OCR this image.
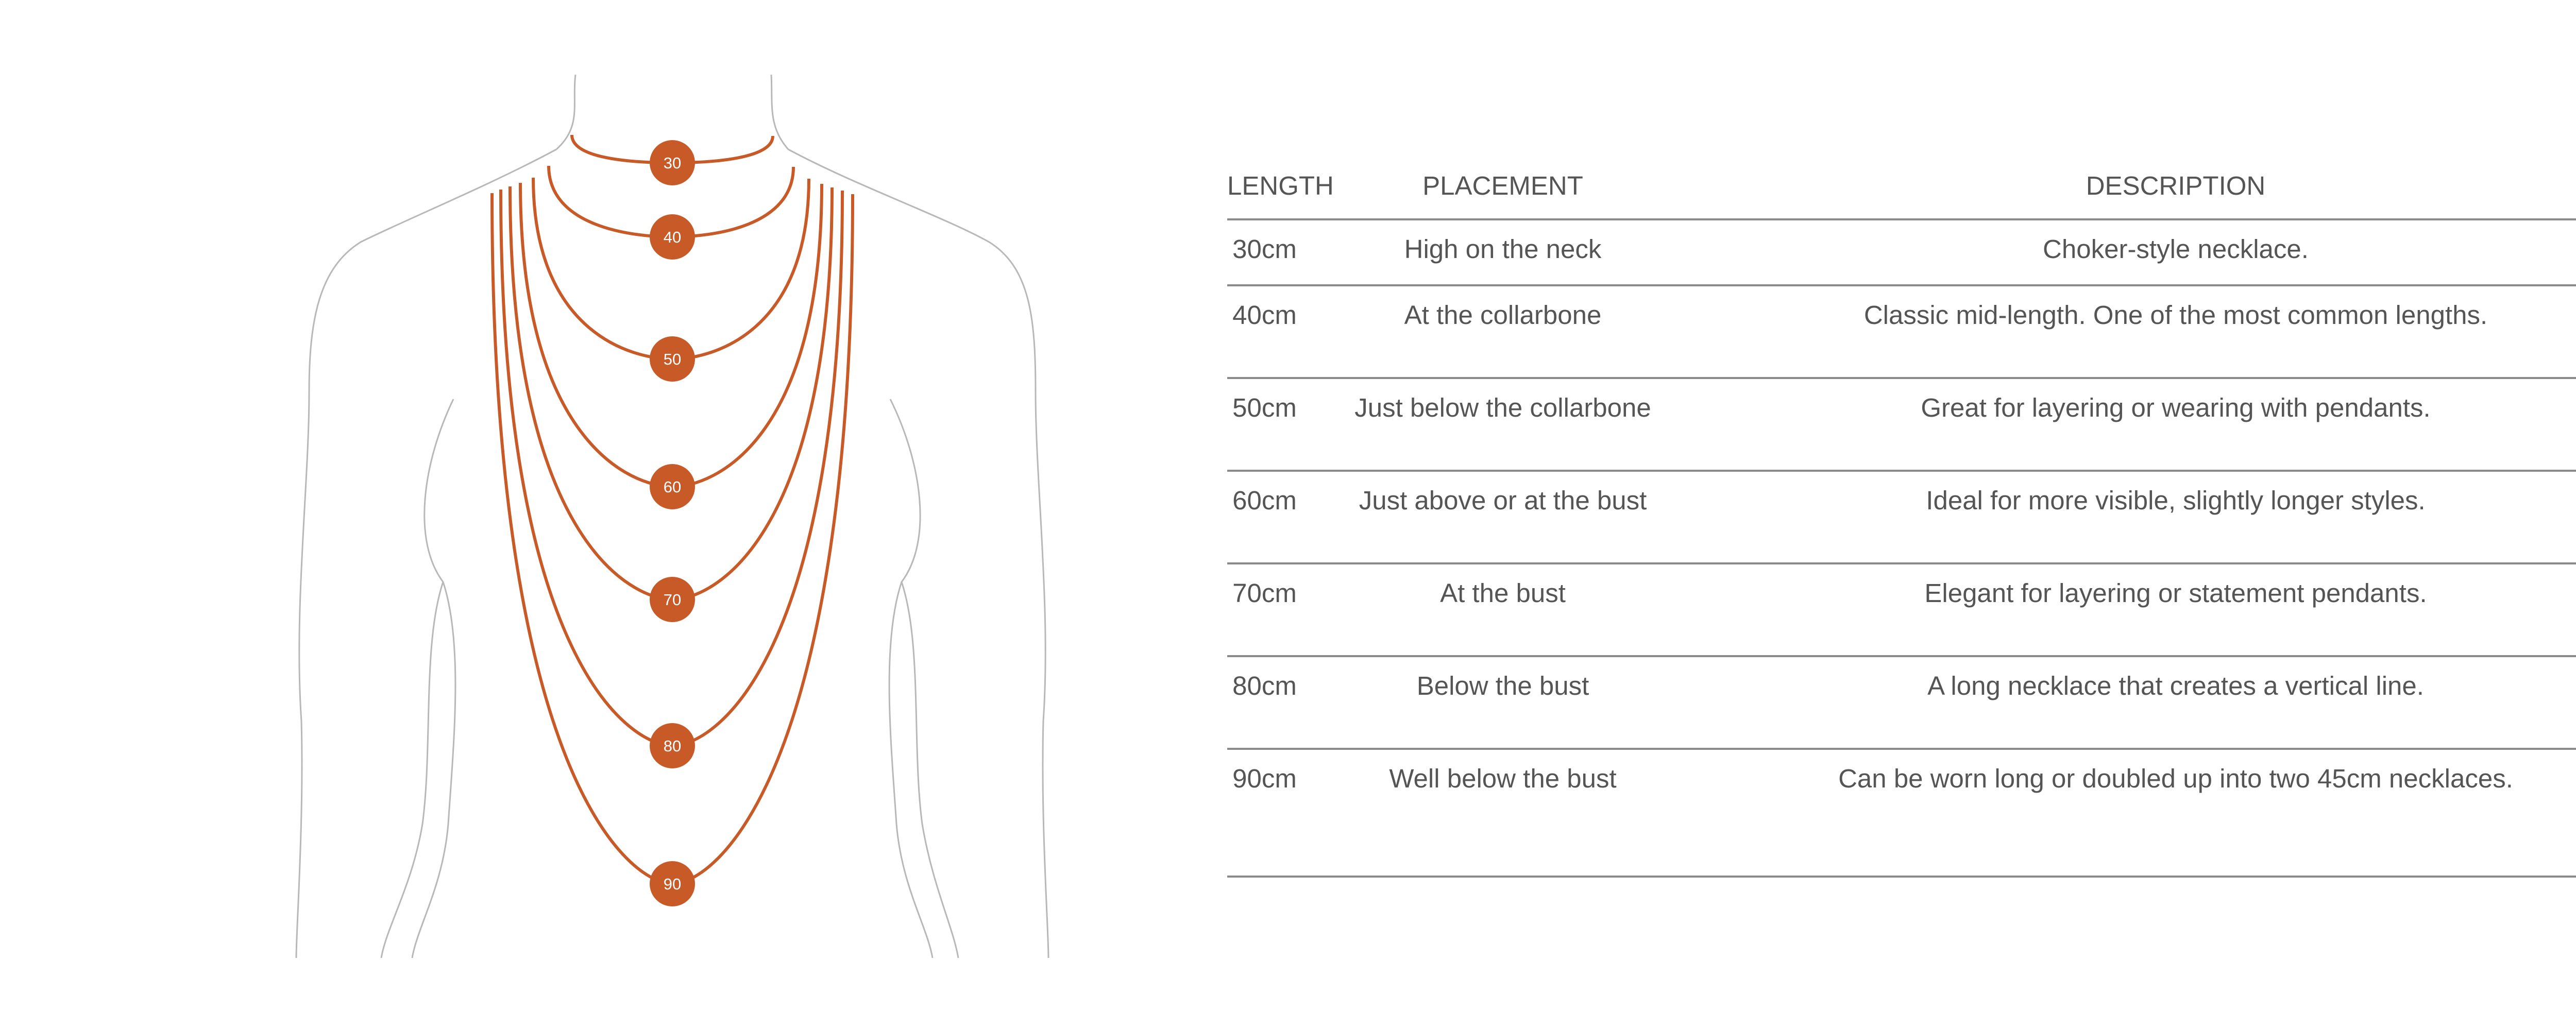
30
40
50
60
70
80
90
LENGTH	PLACEMENT	DESCRIPTION
30cm	High on the neck	Choker-style necklace.
40cm	At the collarbone	Classic mid-length. One of the most common lengths.
50cm	Just below the collarbone	Great for layering or wearing with pendants.
60cm	Just above or at the bust	Ideal for more visible, slightly longer styles.
70cm	At the bust	Elegant for layering or statement pendants.
80cm	Below the bust	A long necklace that creates a vertical line.
90cm	Well below the bust	Can be worn long or doubled up into two 45cm necklaces.
